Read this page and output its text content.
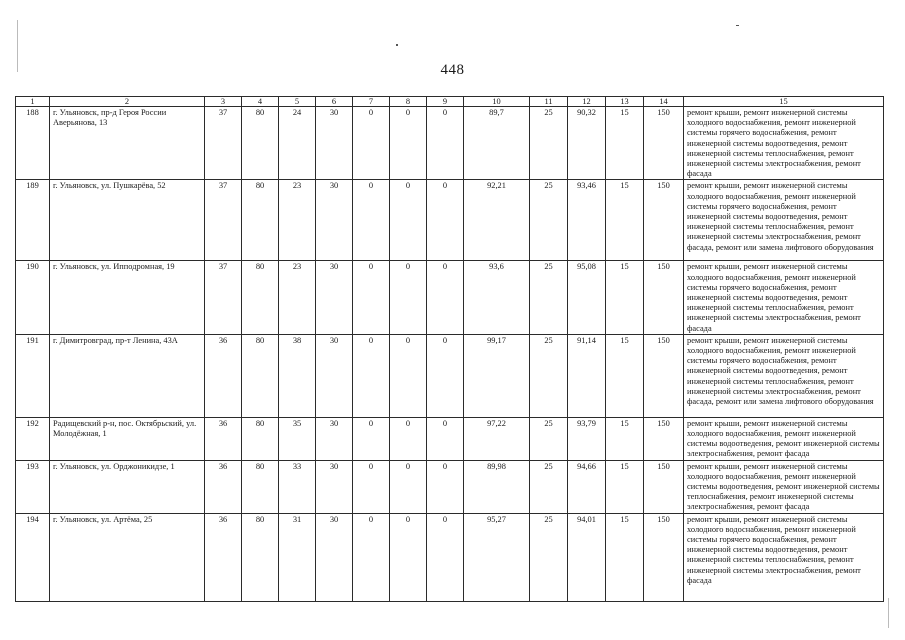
448
1	2	3	4	5	6	7	8	9	10	11	12	13	14	15
188	г. Ульяновск, пр-д Героя России Аверьянова, 13	37	80	24	30	0	0	0	89,7	25	90,32	15	150	ремонт крыши, ремонт инженерной системы холодного водоснабжения, ремонт инженерной системы горячего водоснабжения, ремонт инженерной системы водоотведения, ремонт инженерной системы теплоснабжения, ремонт инженерной системы электроснабжения, ремонт фасада
189	г. Ульяновск, ул. Пушкарёва, 52	37	80	23	30	0	0	0	92,21	25	93,46	15	150	ремонт крыши, ремонт инженерной системы холодного водоснабжения, ремонт инженерной системы горячего водоснабжения, ремонт инженерной системы водоотведения, ремонт инженерной системы теплоснабжения, ремонт инженерной системы электроснабжения, ремонт фасада, ремонт или замена лифтового оборудования
190	г. Ульяновск, ул. Ипподромная, 19	37	80	23	30	0	0	0	93,6	25	95,08	15	150	ремонт крыши, ремонт инженерной системы холодного водоснабжения, ремонт инженерной системы горячего водоснабжения, ремонт инженерной системы водоотведения, ремонт инженерной системы теплоснабжения, ремонт инженерной системы электроснабжения, ремонт фасада
191	г. Димитровград, пр-т Ленина, 43А	36	80	38	30	0	0	0	99,17	25	91,14	15	150	ремонт крыши, ремонт инженерной системы холодного водоснабжения, ремонт инженерной системы горячего водоснабжения, ремонт инженерной системы водоотведения, ремонт инженерной системы теплоснабжения, ремонт инженерной системы электроснабжения, ремонт фасада, ремонт или замена лифтового оборудования
192	Радищевский р-н, пос. Октябрьский, ул. Молодёжная, 1	36	80	35	30	0	0	0	97,22	25	93,79	15	150	ремонт крыши, ремонт инженерной системы холодного водоснабжения, ремонт инженерной системы водоотведения, ремонт инженерной системы электроснабжения, ремонт фасада
193	г. Ульяновск, ул. Орджоникидзе, 1	36	80	33	30	0	0	0	89,98	25	94,66	15	150	ремонт крыши, ремонт инженерной системы холодного водоснабжения, ремонт инженерной системы водоотведения, ремонт инженерной системы теплоснабжения, ремонт инженерной системы электроснабжения, ремонт фасада
194	г. Ульяновск, ул. Артёма, 25	36	80	31	30	0	0	0	95,27	25	94,01	15	150	ремонт крыши, ремонт инженерной системы холодного водоснабжения, ремонт инженерной системы горячего водоснабжения, ремонт инженерной системы водоотведения, ремонт инженерной системы теплоснабжения, ремонт инженерной системы электроснабжения, ремонт фасада
